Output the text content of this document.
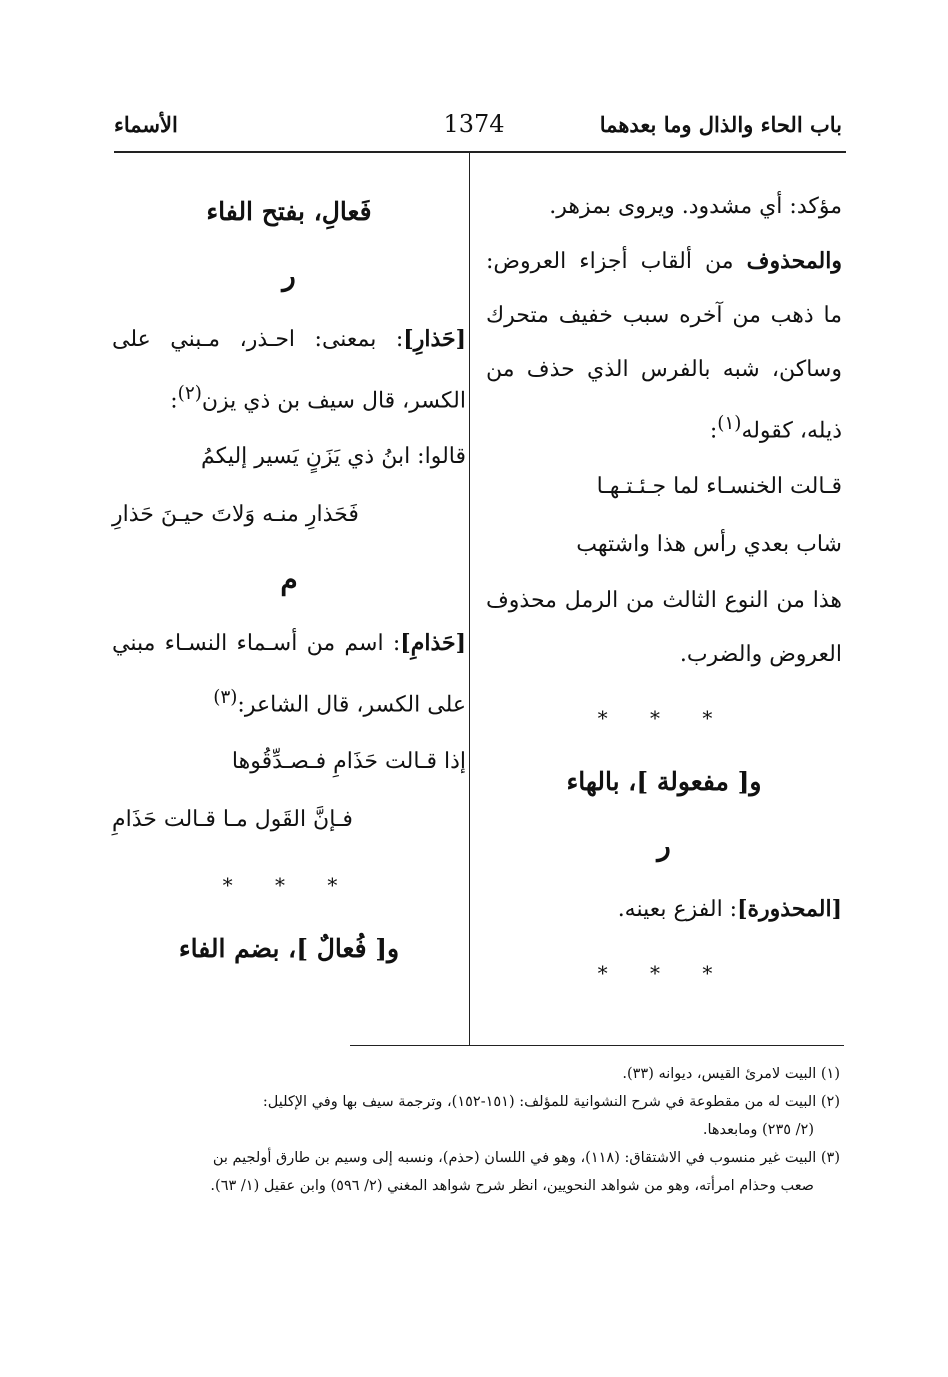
باب الحاء والذال وما بعدهما
1374
الأسماء

مؤكد: أي مشدود. ويروى بمزهر.

والمحذوف من ألقاب أجزاء العروض: ما ذهب من آخره سبب خفيف متحرك وساكن، شبه بالفرس الذي حذف من ذيله، كقوله$^{(١)}$:

قـالت الخنسـاء لما جـئـتـهـا

شاب بعدي رأس هذا واشتهب

هذا من النوع الثالث من الرمل محذوف العروض والضرب.

* * *
و[ مفعولة ]، بالهاء
ر

[المحذورة]: الفزع بعينه.

* * *
فَعالِ، بفتح الفاء
ر

[حَذارِ]: بمعنى: احـذر، مـبني على الكسر، قال سيف بن ذي يزن$^{(٢)}$:

قالوا: ابنُ ذي يَزَنٍ يَسير إليكمُ

فَحَذارِ منـه وَلاتَ حيـنَ حَذارِ

م

[حَذامِ]: اسم من أسـماء النسـاء مبني على الكسر، قال الشاعر:$^{(٣)}$

إذا قـالت حَذَامِ فـصـدِّقُوها

فـإنَّ القَول مـا قـالت حَذَامِ

* * *
و[ فُعالٌ ]، بضم الفاء

(١) البيت لامرئ القيس، ديوانه (٣٣).

(٢) البيت له من مقطوعة في شرح النشوانية للمؤلف: (١٥١-١٥٢)، وترجمة سيف بها وفي الإكليل:

(٢/ ٢٣٥) ومابعدها.

(٣) البيت غير منسوب في الاشتقاق: (١١٨)، وهو في اللسان (حذم)، ونسبه إلى وسيم بن طارق أولجيم بن

صعب وحذام امرأته، وهو من شواهد النحويين، انظر شرح شواهد المغني (٢/ ٥٩٦) وابن عقيل (١/ ٦٣).
